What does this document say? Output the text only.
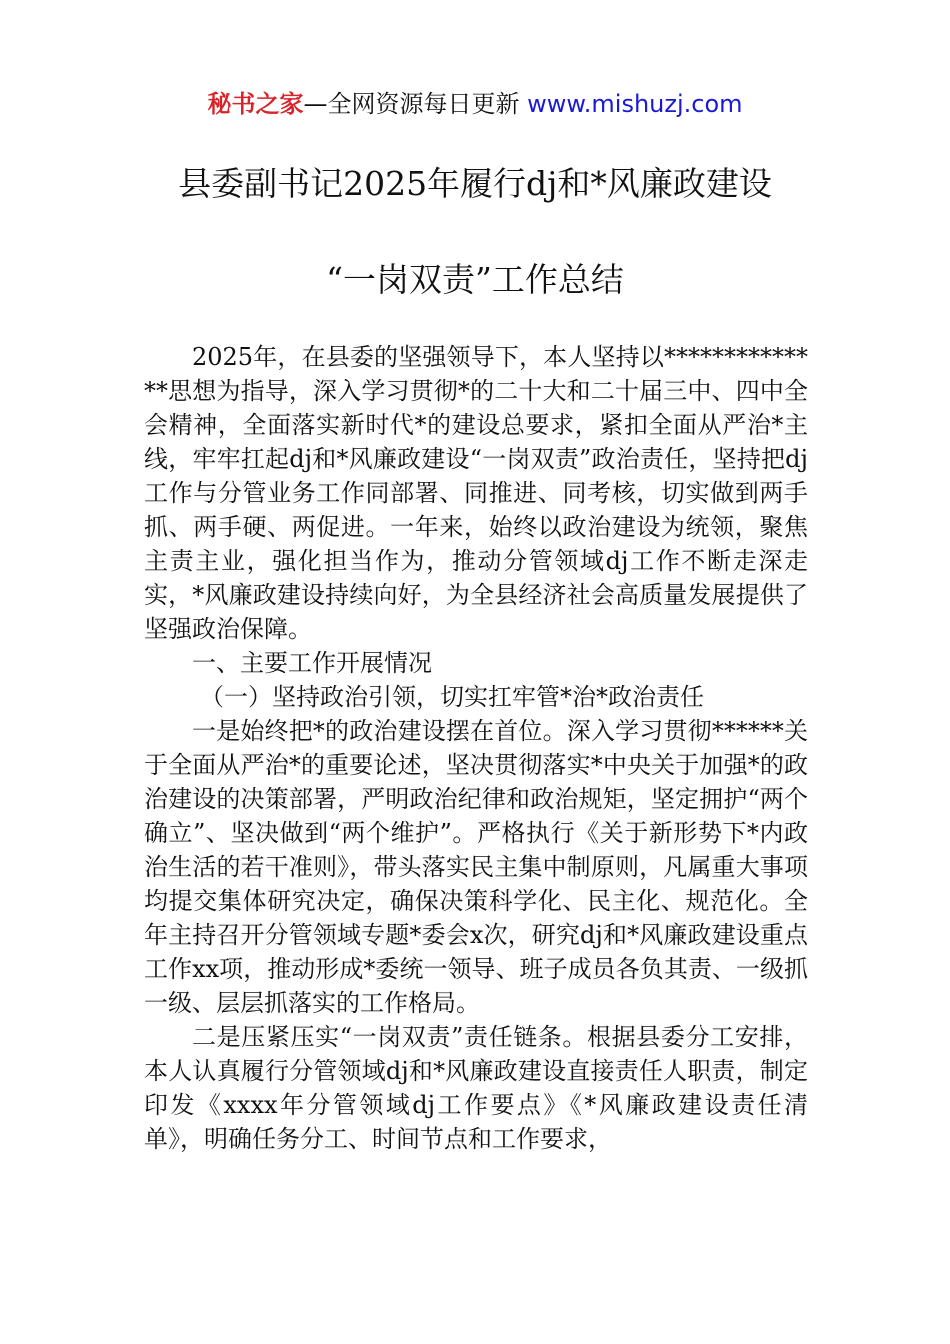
秘书之家—全网资源每日更新 www.mishuzj.com
县委副书记2025年履行dj和*风廉政建设
“一岗双责”工作总结

2025年，在县委的坚强领导下，本人坚持以**************思想为指导，深入学习贯彻*的二十大和二十届三中、四中全会精神，全面落实新时代*的建设总要求，紧扣全面从严治*主线，牢牢扛起dj和*风廉政建设“一岗双责”政治责任，坚持把dj工作与分管业务工作同部署、同推进、同考核，切实做到两手抓、两手硬、两促进。一年来，始终以政治建设为统领，聚焦主责主业，强化担当作为，推动分管领域dj工作不断走深走实，*风廉政建设持续向好，为全县经济社会高质量发展提供了坚强政治保障。

一、主要工作开展情况

（一）坚持政治引领，切实扛牢管*治*政治责任

一是始终把*的政治建设摆在首位。深入学习贯彻******关于全面从严治*的重要论述，坚决贯彻落实*中央关于加强*的政治建设的决策部署，严明政治纪律和政治规矩，坚定拥护“两个确立”、坚决做到“两个维护”。严格执行《关于新形势下*内政治生活的若干准则》，带头落实民主集中制原则，凡属重大事项均提交集体研究决定，确保决策科学化、民主化、规范化。全年主持召开分管领域专题*委会x次，研究dj和*风廉政建设重点工作xx项，推动形成*委统一领导、班子成员各负其责、一级抓一级、层层抓落实的工作格局。

二是压紧压实“一岗双责”责任链条。根据县委分工安排，本人认真履行分管领域dj和*风廉政建设直接责任人职责，制定印发《xxxx年分管领域dj工作要点》《*风廉政建设责任清单》，明确任务分工、时间节点和工作要求，
